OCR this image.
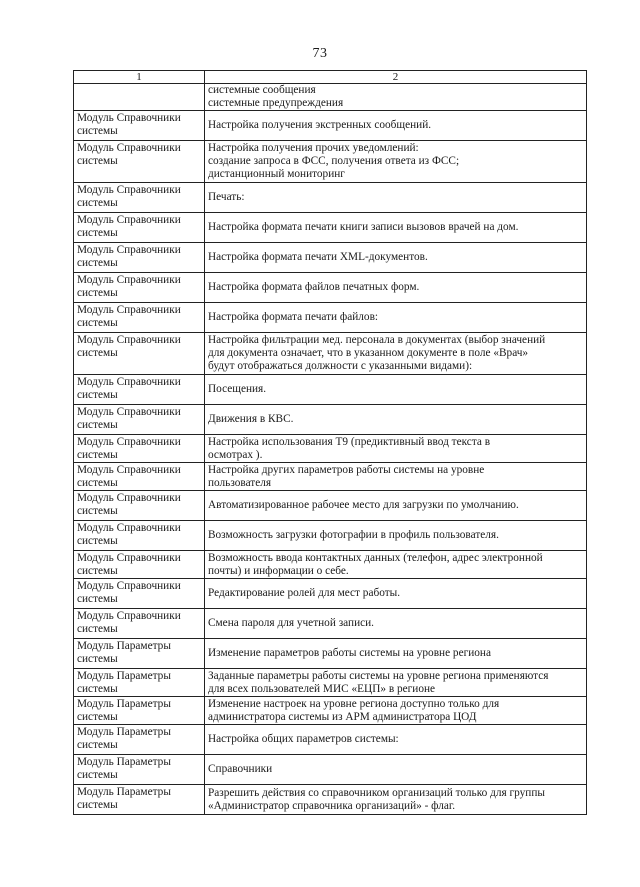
73
1	2

	системные сообщения
системные предупреждения

Модуль Справочники
системы	Настройка получения экстренных сообщений.

Модуль Справочники
системы	Настройка получения прочих уведомлений:
создание запроса в ФСС, получения ответа из ФСС;
дистанционный мониторинг

Модуль Справочники
системы	Печать:

Модуль Справочники
системы	Настройка формата печати книги записи вызовов врачей на дом.

Модуль Справочники
системы	Настройка формата печати XML-документов.

Модуль Справочники
системы	Настройка формата файлов печатных форм.

Модуль Справочники
системы	Настройка формата печати файлов:

Модуль Справочники
системы	Настройка фильтрации мед. персонала в документах (выбор значений
для документа означает, что в указанном документе в поле «Врач»
будут отображаться должности с указанными видами):

Модуль Справочники
системы	Посещения.

Модуль Справочники
системы	Движения в КВС.

Модуль Справочники
системы	Настройка использования Т9 (предиктивный ввод текста в
осмотрах ).

Модуль Справочники
системы	Настройка других параметров работы системы на уровне
пользователя

Модуль Справочники
системы	Автоматизированное рабочее место для загрузки по умолчанию.

Модуль Справочники
системы	Возможность загрузки фотографии в профиль пользователя.

Модуль Справочники
системы	Возможность ввода контактных данных (телефон, адрес электронной
почты) и информации о себе.

Модуль Справочники
системы	Редактирование ролей для мест работы.

Модуль Справочники
системы	Смена пароля для учетной записи.

Модуль Параметры
системы	Изменение параметров работы системы на уровне региона

Модуль Параметры
системы	Заданные параметры работы системы на уровне региона применяются
для всех пользователей МИС «ЕЦП» в регионе

Модуль Параметры
системы	Изменение настроек на уровне региона доступно только для
администратора системы из АРМ администратора ЦОД

Модуль Параметры
системы	Настройка общих параметров системы:

Модуль Параметры
системы	Справочники

Модуль Параметры
системы	Разрешить действия со справочником организаций только для группы
«Администратор справочника организаций» - флаг.
